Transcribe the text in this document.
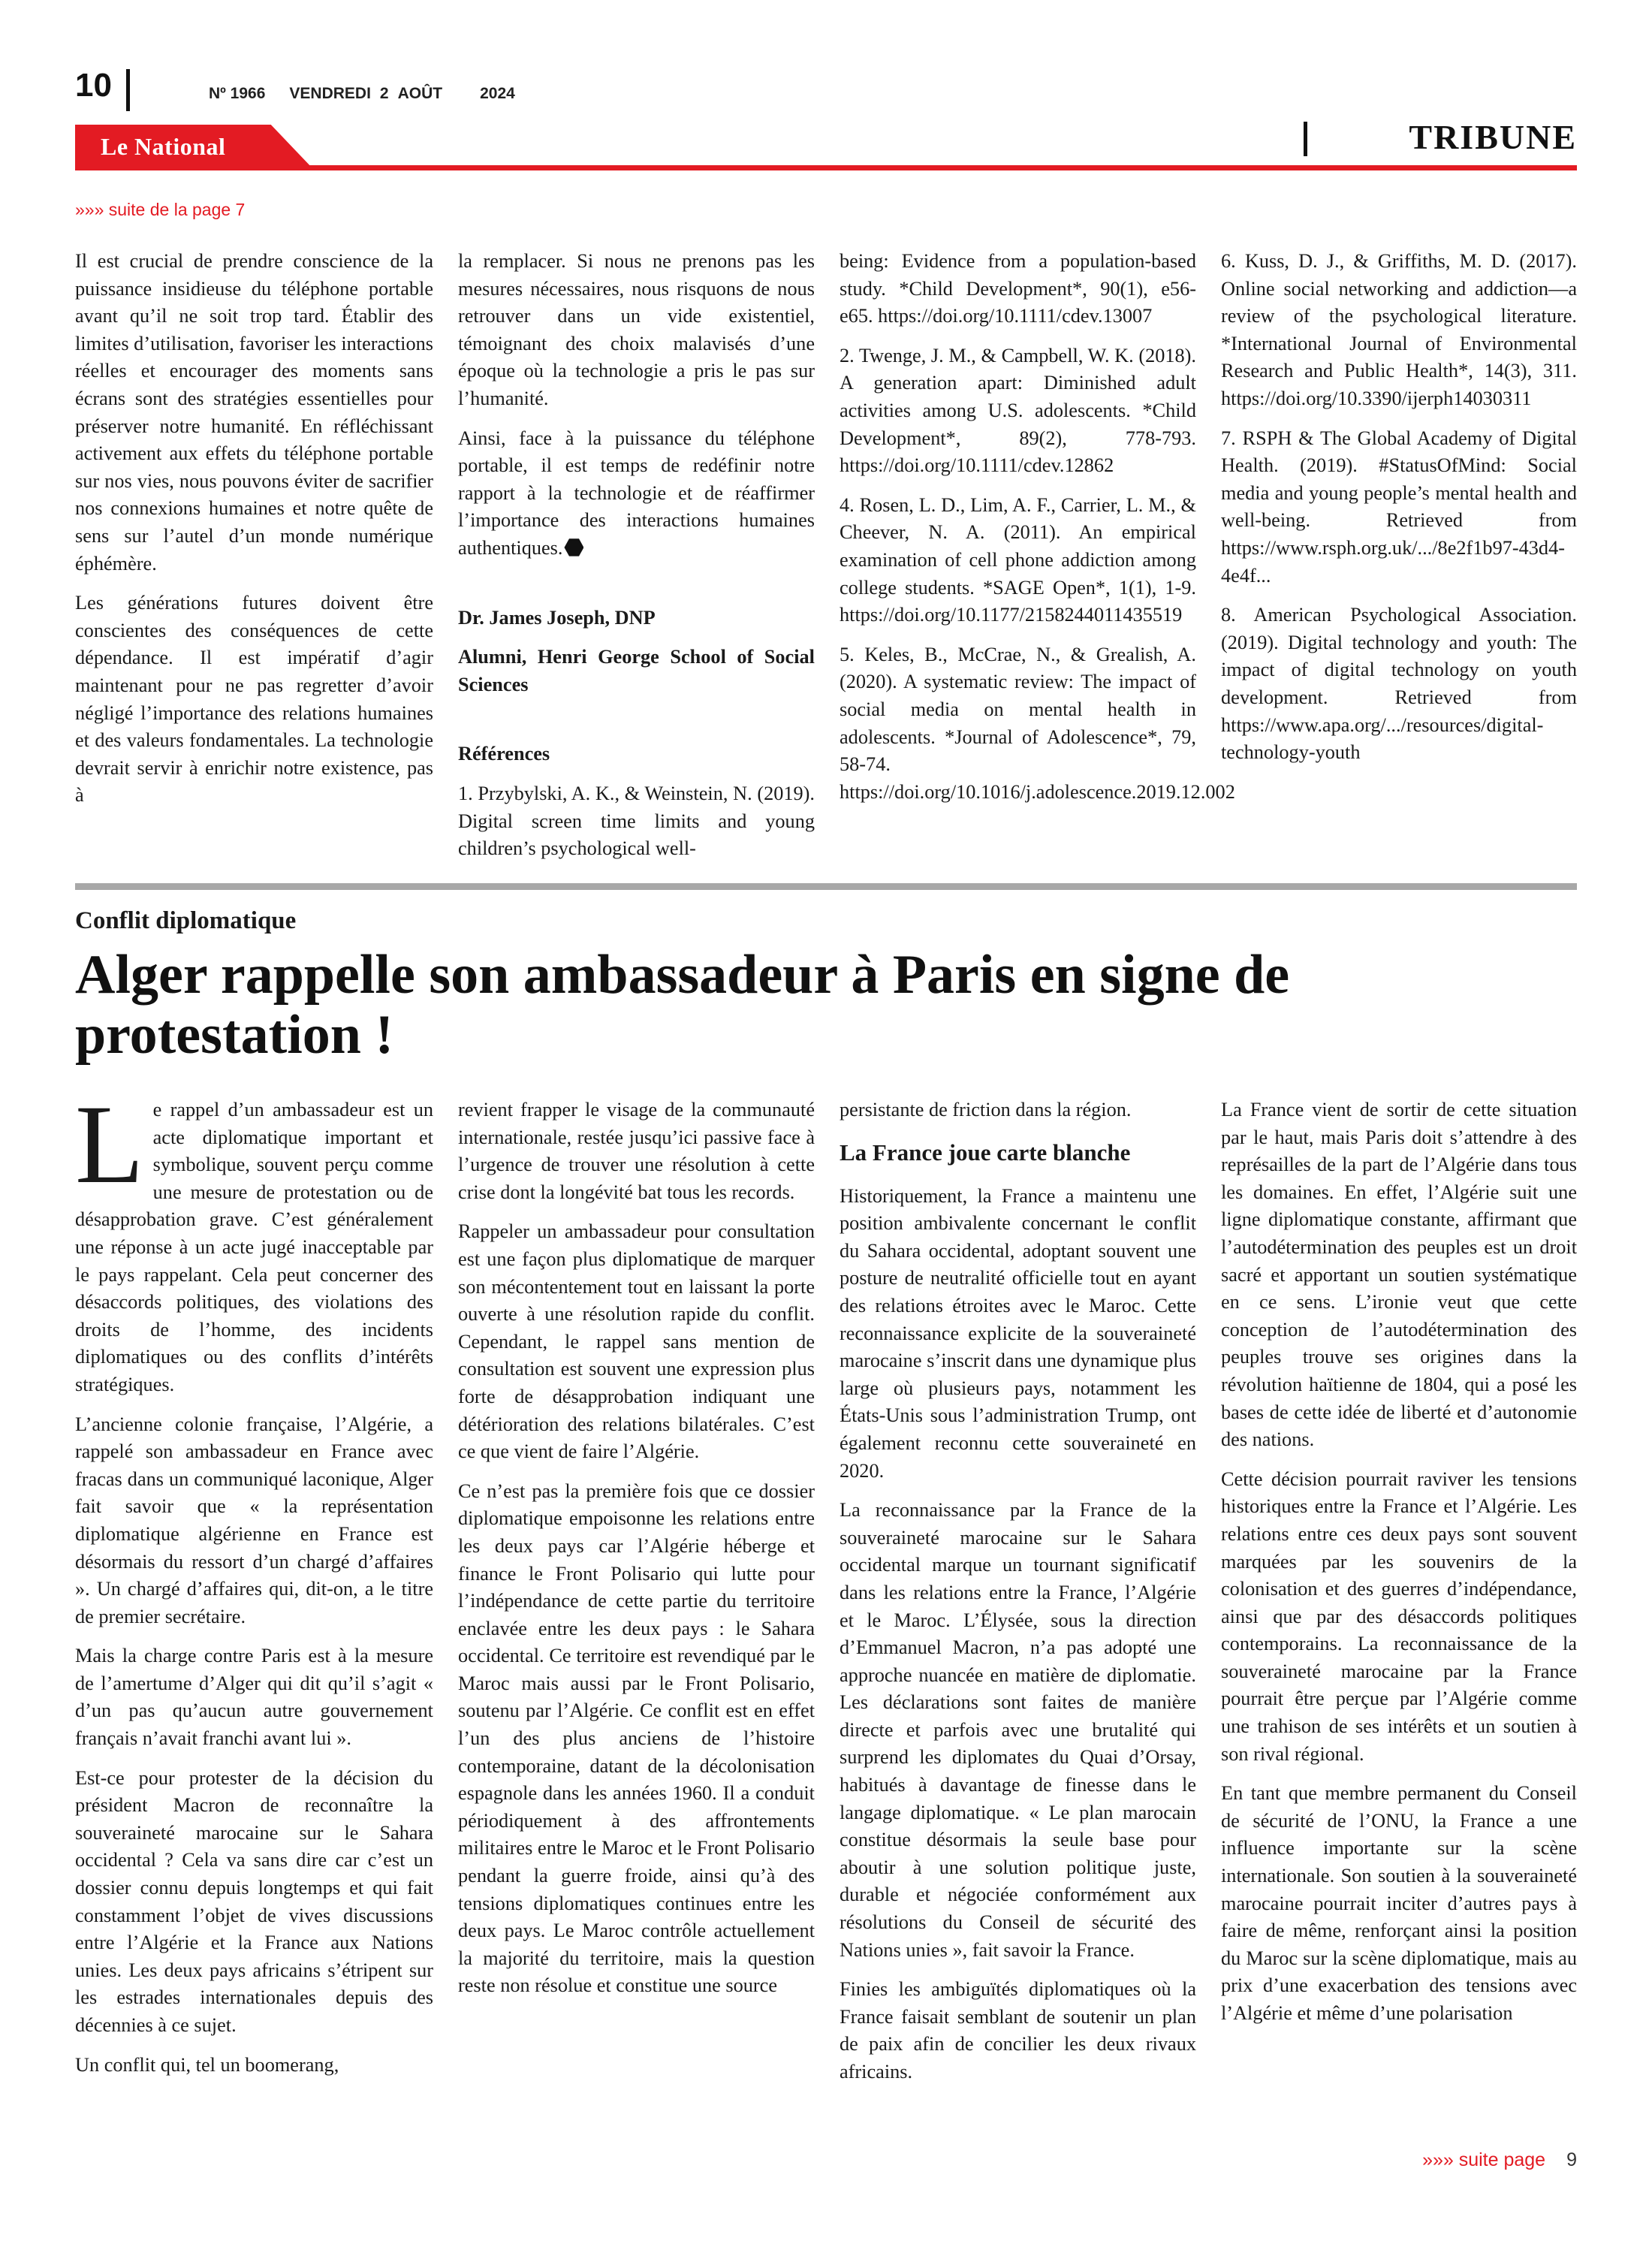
10	Nº 1966 VENDREDI 2 AOÛT 2024
Le National	TRIBUNE
»»» suite de la page 7

Il est crucial de prendre conscience de la puissance insidieuse du téléphone portable avant qu’il ne soit trop tard. Établir des limites d’utilisation, favoriser les interactions réelles et encourager des moments sans écrans sont des stratégies essentielles pour préserver notre humanité. En réfléchissant activement aux effets du téléphone portable sur nos vies, nous pouvons éviter de sacrifier nos connexions humaines et notre quête de sens sur l’autel d’un monde numérique éphémère.

Les générations futures doivent être conscientes des conséquences de cette dépendance. Il est impératif d’agir maintenant pour ne pas regretter d’avoir négligé l’importance des relations humaines et des valeurs fondamentales. La technologie devrait servir à enrichir notre existence, pas à

la remplacer. Si nous ne prenons pas les mesures nécessaires, nous risquons de nous retrouver dans un vide existentiel, témoignant des choix malavisés d’une époque où la technologie a pris le pas sur l’humanité.

Ainsi, face à la puissance du téléphone portable, il est temps de redéfinir notre rapport à la technologie et de réaffirmer l’importance des interactions humaines authentiques.

Dr. James Joseph, DNP
Alumni, Henri George School of Social Sciences
Références

1. Przybylski, A. K., & Weinstein, N. (2019). Digital screen time limits and young children’s psychological well-

being: Evidence from a population-based study. *Child Development*, 90(1), e56-e65. https://doi.org/10.1111/cdev.13007

2. Twenge, J. M., & Campbell, W. K. (2018). A generation apart: Diminished adult activities among U.S. adolescents. *Child Development*, 89(2), 778-793. https://doi.org/10.1111/cdev.12862

4. Rosen, L. D., Lim, A. F., Carrier, L. M., & Cheever, N. A. (2011). An empirical examination of cell phone addiction among college students. *SAGE Open*, 1(1), 1-9. https://doi.org/10.1177/2158244011435519

5. Keles, B., McCrae, N., & Grealish, A. (2020). A systematic review: The impact of social media on mental health in adolescents. *Journal of Adolescence*, 79, 58-74. https://doi.org/10.1016/j.adolescence.2019.12.002

6. Kuss, D. J., & Griffiths, M. D. (2017). Online social networking and addiction—a review of the psychological literature. *International Journal of Environmental Research and Public Health*, 14(3), 311. https://doi.org/10.3390/ijerph14030311

7. RSPH & The Global Academy of Digital Health. (2019). #StatusOfMind: Social media and young people’s mental health and well-being. Retrieved from https://www.rsph.org.uk/.../8e2f1b97-43d4-4e4f...

8. American Psychological Association. (2019). Digital technology and youth: The impact of digital technology on youth development. Retrieved from https://www.apa.org/.../resources/digital-technology-youth

Conflit diplomatique
Alger rappelle son ambassadeur à Paris en signe de protestation !

Le rappel d’un ambassadeur est un acte diplomatique important et symbolique, souvent perçu comme une mesure de protestation ou de désapprobation grave. C’est généralement une réponse à un acte jugé inacceptable par le pays rappelant. Cela peut concerner des désaccords politiques, des violations des droits de l’homme, des incidents diplomatiques ou des conflits d’intérêts stratégiques.

L’ancienne colonie française, l’Algérie, a rappelé son ambassadeur en France avec fracas dans un communiqué laconique, Alger fait savoir que « la représentation diplomatique algérienne en France est désormais du ressort d’un chargé d’affaires ». Un chargé d’affaires qui, dit-on, a le titre de premier secrétaire.

Mais la charge contre Paris est à la mesure de l’amertume d’Alger qui dit qu’il s’agit « d’un pas qu’aucun autre gouvernement français n’avait franchi avant lui ».

Est-ce pour protester de la décision du président Macron de reconnaître la souveraineté marocaine sur le Sahara occidental ? Cela va sans dire car c’est un dossier connu depuis longtemps et qui fait constamment l’objet de vives discussions entre l’Algérie et la France aux Nations unies. Les deux pays africains s’étripent sur les estrades internationales depuis des décennies à ce sujet.

Un conflit qui, tel un boomerang,

revient frapper le visage de la communauté internationale, restée jusqu’ici passive face à l’urgence de trouver une résolution à cette crise dont la longévité bat tous les records.

Rappeler un ambassadeur pour consultation est une façon plus diplomatique de marquer son mécontentement tout en laissant la porte ouverte à une résolution rapide du conflit. Cependant, le rappel sans mention de consultation est souvent une expression plus forte de désapprobation indiquant une détérioration des relations bilatérales. C’est ce que vient de faire l’Algérie.

Ce n’est pas la première fois que ce dossier diplomatique empoisonne les relations entre les deux pays car l’Algérie héberge et finance le Front Polisario qui lutte pour l’indépendance de cette partie du territoire enclavée entre les deux pays : le Sahara occidental. Ce territoire est revendiqué par le Maroc mais aussi par le Front Polisario, soutenu par l’Algérie. Ce conflit est en effet l’un des plus anciens de l’histoire contemporaine, datant de la décolonisation espagnole dans les années 1960. Il a conduit périodiquement à des affrontements militaires entre le Maroc et le Front Polisario pendant la guerre froide, ainsi qu’à des tensions diplomatiques continues entre les deux pays. Le Maroc contrôle actuellement la majorité du territoire, mais la question reste non résolue et constitue une source

persistante de friction dans la région.

La France joue carte blanche

Historiquement, la France a maintenu une position ambivalente concernant le conflit du Sahara occidental, adoptant souvent une posture de neutralité officielle tout en ayant des relations étroites avec le Maroc. Cette reconnaissance explicite de la souveraineté marocaine s’inscrit dans une dynamique plus large où plusieurs pays, notamment les États-Unis sous l’administration Trump, ont également reconnu cette souveraineté en 2020.

La reconnaissance par la France de la souveraineté marocaine sur le Sahara occidental marque un tournant significatif dans les relations entre la France, l’Algérie et le Maroc. L’Élysée, sous la direction d’Emmanuel Macron, n’a pas adopté une approche nuancée en matière de diplomatie. Les déclarations sont faites de manière directe et parfois avec une brutalité qui surprend les diplomates du Quai d’Orsay, habitués à davantage de finesse dans le langage diplomatique. « Le plan marocain constitue désormais la seule base pour aboutir à une solution politique juste, durable et négociée conformément aux résolutions du Conseil de sécurité des Nations unies », fait savoir la France.

Finies les ambiguïtés diplomatiques où la France faisait semblant de soutenir un plan de paix afin de concilier les deux rivaux africains.

La France vient de sortir de cette situation par le haut, mais Paris doit s’attendre à des représailles de la part de l’Algérie dans tous les domaines. En effet, l’Algérie suit une ligne diplomatique constante, affirmant que l’autodétermination des peuples est un droit sacré et apportant un soutien systématique en ce sens. L’ironie veut que cette conception de l’autodétermination des peuples trouve ses origines dans la révolution haïtienne de 1804, qui a posé les bases de cette idée de liberté et d’autonomie des nations.

Cette décision pourrait raviver les tensions historiques entre la France et l’Algérie. Les relations entre ces deux pays sont souvent marquées par les souvenirs de la colonisation et des guerres d’indépendance, ainsi que par des désaccords politiques contemporains. La reconnaissance de la souveraineté marocaine par la France pourrait être perçue par l’Algérie comme une trahison de ses intérêts et un soutien à son rival régional.

En tant que membre permanent du Conseil de sécurité de l’ONU, la France a une influence importante sur la scène internationale. Son soutien à la souveraineté marocaine pourrait inciter d’autres pays à faire de même, renforçant ainsi la position du Maroc sur la scène diplomatique, mais au prix d’une exacerbation des tensions avec l’Algérie et même d’une polarisation

»»» suite page 9
